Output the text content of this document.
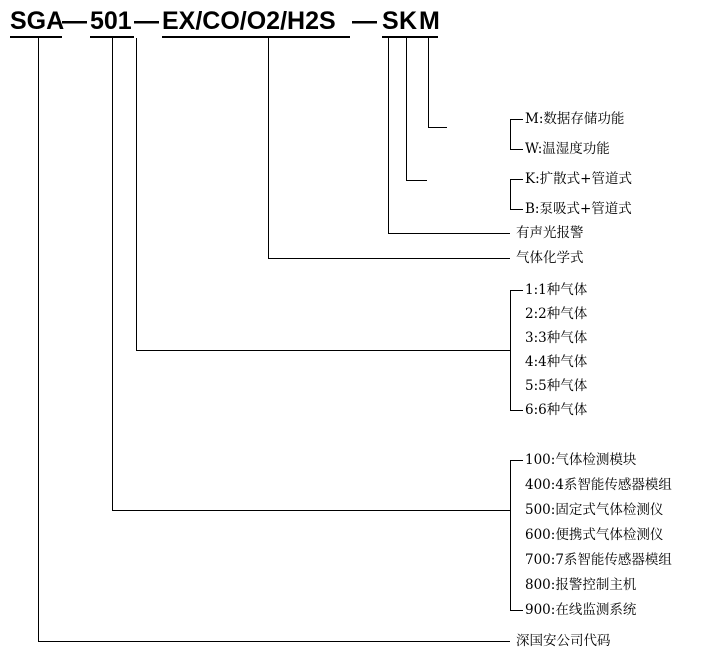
SGA
— 501 — EX/CO/O2/H2S — S K M
M:数据存储功能
W:温湿度功能
K:扩散式+管道式
B:泵吸式+管道式
有声光报警
气体化学式
1:1种气体
2:2种气体
3:3种气体
4:4种气体
5:5种气体
6:6种气体
100:气体检测模块
400:4系智能传感器模组
500:固定式气体检测仪
600:便携式气体检测仪
700:7系智能传感器模组
800:报警控制主机
900:在线监测系统
深国安公司代码
